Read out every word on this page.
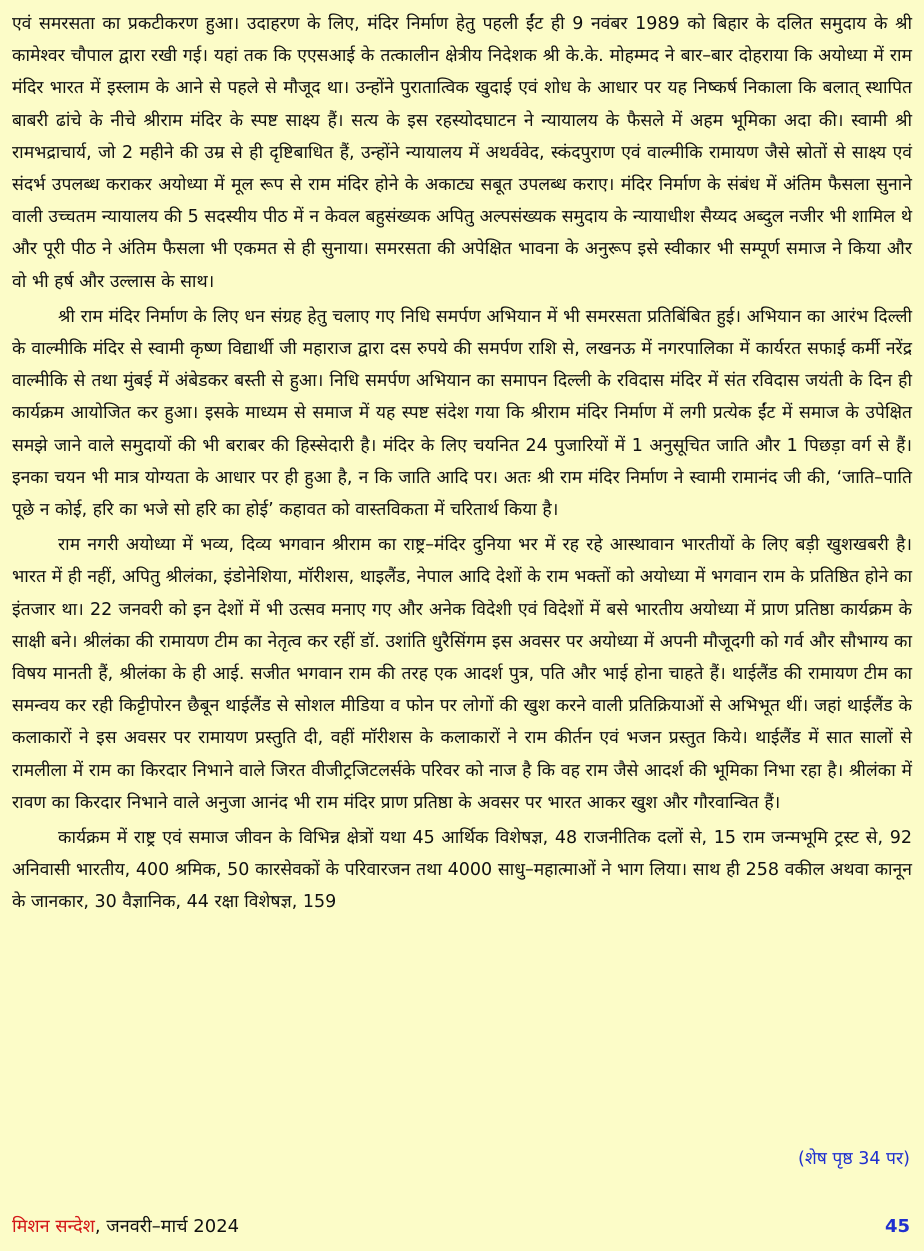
एवं समरसता का प्रकटीकरण हुआ। उदाहरण के लिए, मंदिर निर्माण हेतु पहली ईंट ही 9 नवंबर 1989 को बिहार के दलित समुदाय के श्री कामेश्वर चौपाल द्वारा रखी गई। यहां तक कि एएसआई के तत्कालीन क्षेत्रीय निदेशक श्री के.के. मोहम्मद ने बार–बार दोहराया कि अयोध्या में राम मंदिर भारत में इस्लाम के आने से पहले से मौजूद था। उन्होंने पुरातात्विक खुदाई एवं शोध के आधार पर यह निष्कर्ष निकाला कि बलात् स्थापित बाबरी ढांचे के नीचे श्रीराम मंदिर के स्पष्ट साक्ष्य हैं। सत्य के इस रहस्योदघाटन ने न्यायालय के फैसले में अहम भूमिका अदा की। स्वामी श्री रामभद्राचार्य, जो 2 महीने की उम्र से ही दृष्टिबाधित हैं, उन्होंने न्यायालय में अथर्ववेद, स्कंदपुराण एवं वाल्मीकि रामायण जैसे स्रोतों से साक्ष्य एवं संदर्भ उपलब्ध कराकर अयोध्या में मूल रूप से राम मंदिर होने के अकाट्य सबूत उपलब्ध कराए। मंदिर निर्माण के संबंध में अंतिम फैसला सुनाने वाली उच्चतम न्यायालय की 5 सदस्यीय पीठ में न केवल बहुसंख्यक अपितु अल्पसंख्यक समुदाय के न्यायाधीश सैय्यद अब्दुल नजीर भी शामिल थे और पूरी पीठ ने अंतिम फैसला भी एकमत से ही सुनाया। समरसता की अपेक्षित भावना के अनुरूप इसे स्वीकार भी सम्पूर्ण समाज ने किया और वो भी हर्ष और उल्लास के साथ।

श्री राम मंदिर निर्माण के लिए धन संग्रह हेतु चलाए गए निधि समर्पण अभियान में भी समरसता प्रतिबिंबित हुई। अभियान का आरंभ दिल्ली के वाल्मीकि मंदिर से स्वामी कृष्ण विद्यार्थी जी महाराज द्वारा दस रुपये की समर्पण राशि से, लखनऊ में नगरपालिका में कार्यरत सफाई कर्मी नरेंद्र वाल्मीकि से तथा मुंबई में अंबेडकर बस्ती से हुआ। निधि समर्पण अभियान का समापन दिल्ली के रविदास मंदिर में संत रविदास जयंती के दिन ही कार्यक्रम आयोजित कर हुआ। इसके माध्यम से समाज में यह स्पष्ट संदेश गया कि श्रीराम मंदिर निर्माण में लगी प्रत्येक ईंट में समाज के उपेक्षित समझे जाने वाले समुदायों की भी बराबर की हिस्सेदारी है। मंदिर के लिए चयनित 24 पुजारियों में 1 अनुसूचित जाति और 1 पिछड़ा वर्ग से हैं। इनका चयन भी मात्र योग्यता के आधार पर ही हुआ है, न कि जाति आदि पर। अतः श्री राम मंदिर निर्माण ने स्वामी रामानंद जी की, ‘जाति–पाति पूछे न कोई, हरि का भजे सो हरि का होई’ कहावत को वास्तविकता में चरितार्थ किया है।

राम नगरी अयोध्या में भव्य, दिव्य भगवान श्रीराम का राष्ट्र–मंदिर दुनिया भर में रह रहे आस्थावान भारतीयों के लिए बड़ी खुशखबरी है। भारत में ही नहीं, अपितु श्रीलंका, इंडोनेशिया, मॉरीशस, थाइलैंड, नेपाल आदि देशों के राम भक्तों को अयोध्या में भगवान राम के प्रतिष्ठित होने का इंतजार था। 22 जनवरी को इन देशों में भी उत्सव मनाए गए और अनेक विदेशी एवं विदेशों में बसे भारतीय अयोध्या में प्राण प्रतिष्ठा कार्यक्रम के साक्षी बने। श्रीलंका की रामायण टीम का नेतृत्व कर रहीं डॉ. उशांति धुरैसिंगम इस अवसर पर अयोध्या में अपनी मौजूदगी को गर्व और सौभाग्य का विषय मानती हैं, श्रीलंका के ही आई. सजीत भगवान राम की तरह एक आदर्श पुत्र, पति और भाई होना चाहते हैं। थाईलैंड की रामायण टीम का समन्वय कर रही किट्टीपोरन छैबून थाईलैंड से सोशल मीडिया व फोन पर लोगों की खुश करने वाली प्रतिक्रियाओं से अभिभूत थीं। जहां थाईलैंड के कलाकारों ने इस अवसर पर रामायण प्रस्तुति दी, वहीं मॉरीशस के कलाकारों ने राम कीर्तन एवं भजन प्रस्तुत किये। थाईलैंड में सात सालों से रामलीला में राम का किरदार निभाने वाले जिरत वीजीट्रजिटलर्सके परिवर को नाज है कि वह राम जैसे आदर्श की भूमिका निभा रहा है। श्रीलंका में रावण का किरदार निभाने वाले अनुजा आनंद भी राम मंदिर प्राण प्रतिष्ठा के अवसर पर भारत आकर खुश और गौरवान्वित हैं।

कार्यक्रम में राष्ट्र एवं समाज जीवन के विभिन्न क्षेत्रों यथा 45 आर्थिक विशेषज्ञ, 48 राजनीतिक दलों से, 15 राम जन्मभूमि ट्रस्ट से, 92 अनिवासी भारतीय, 400 श्रमिक, 50 कारसेवकों के परिवारजन तथा 4000 साधु–महात्माओं ने भाग लिया। साथ ही 258 वकील अथवा कानून के जानकार, 30 वैज्ञानिक, 44 रक्षा विशेषज्ञ, 159

(शेष पृष्ठ 34 पर)
मिशन सन्देश, जनवरी–मार्च 2024	45
